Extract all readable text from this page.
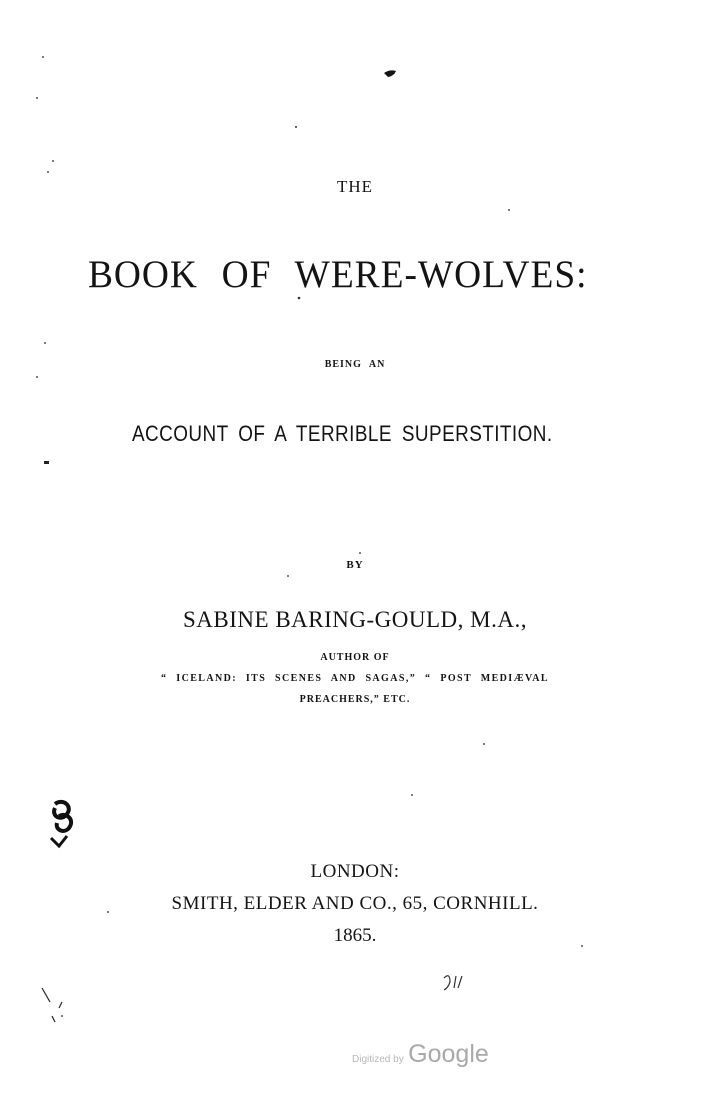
THE
BOOK OF WERE-WOLVES:
BEING AN
ACCOUNT OF A TERRIBLE SUPERSTITION.
BY
SABINE BARING-GOULD, M.A.,
AUTHOR OF
“ ICELAND: ITS SCENES AND SAGAS,” “ POST MEDIÆVAL
PREACHERS,” ETC.
LONDON:
SMITH, ELDER AND CO., 65, CORNHILL.
1865.
Digitized by Google
